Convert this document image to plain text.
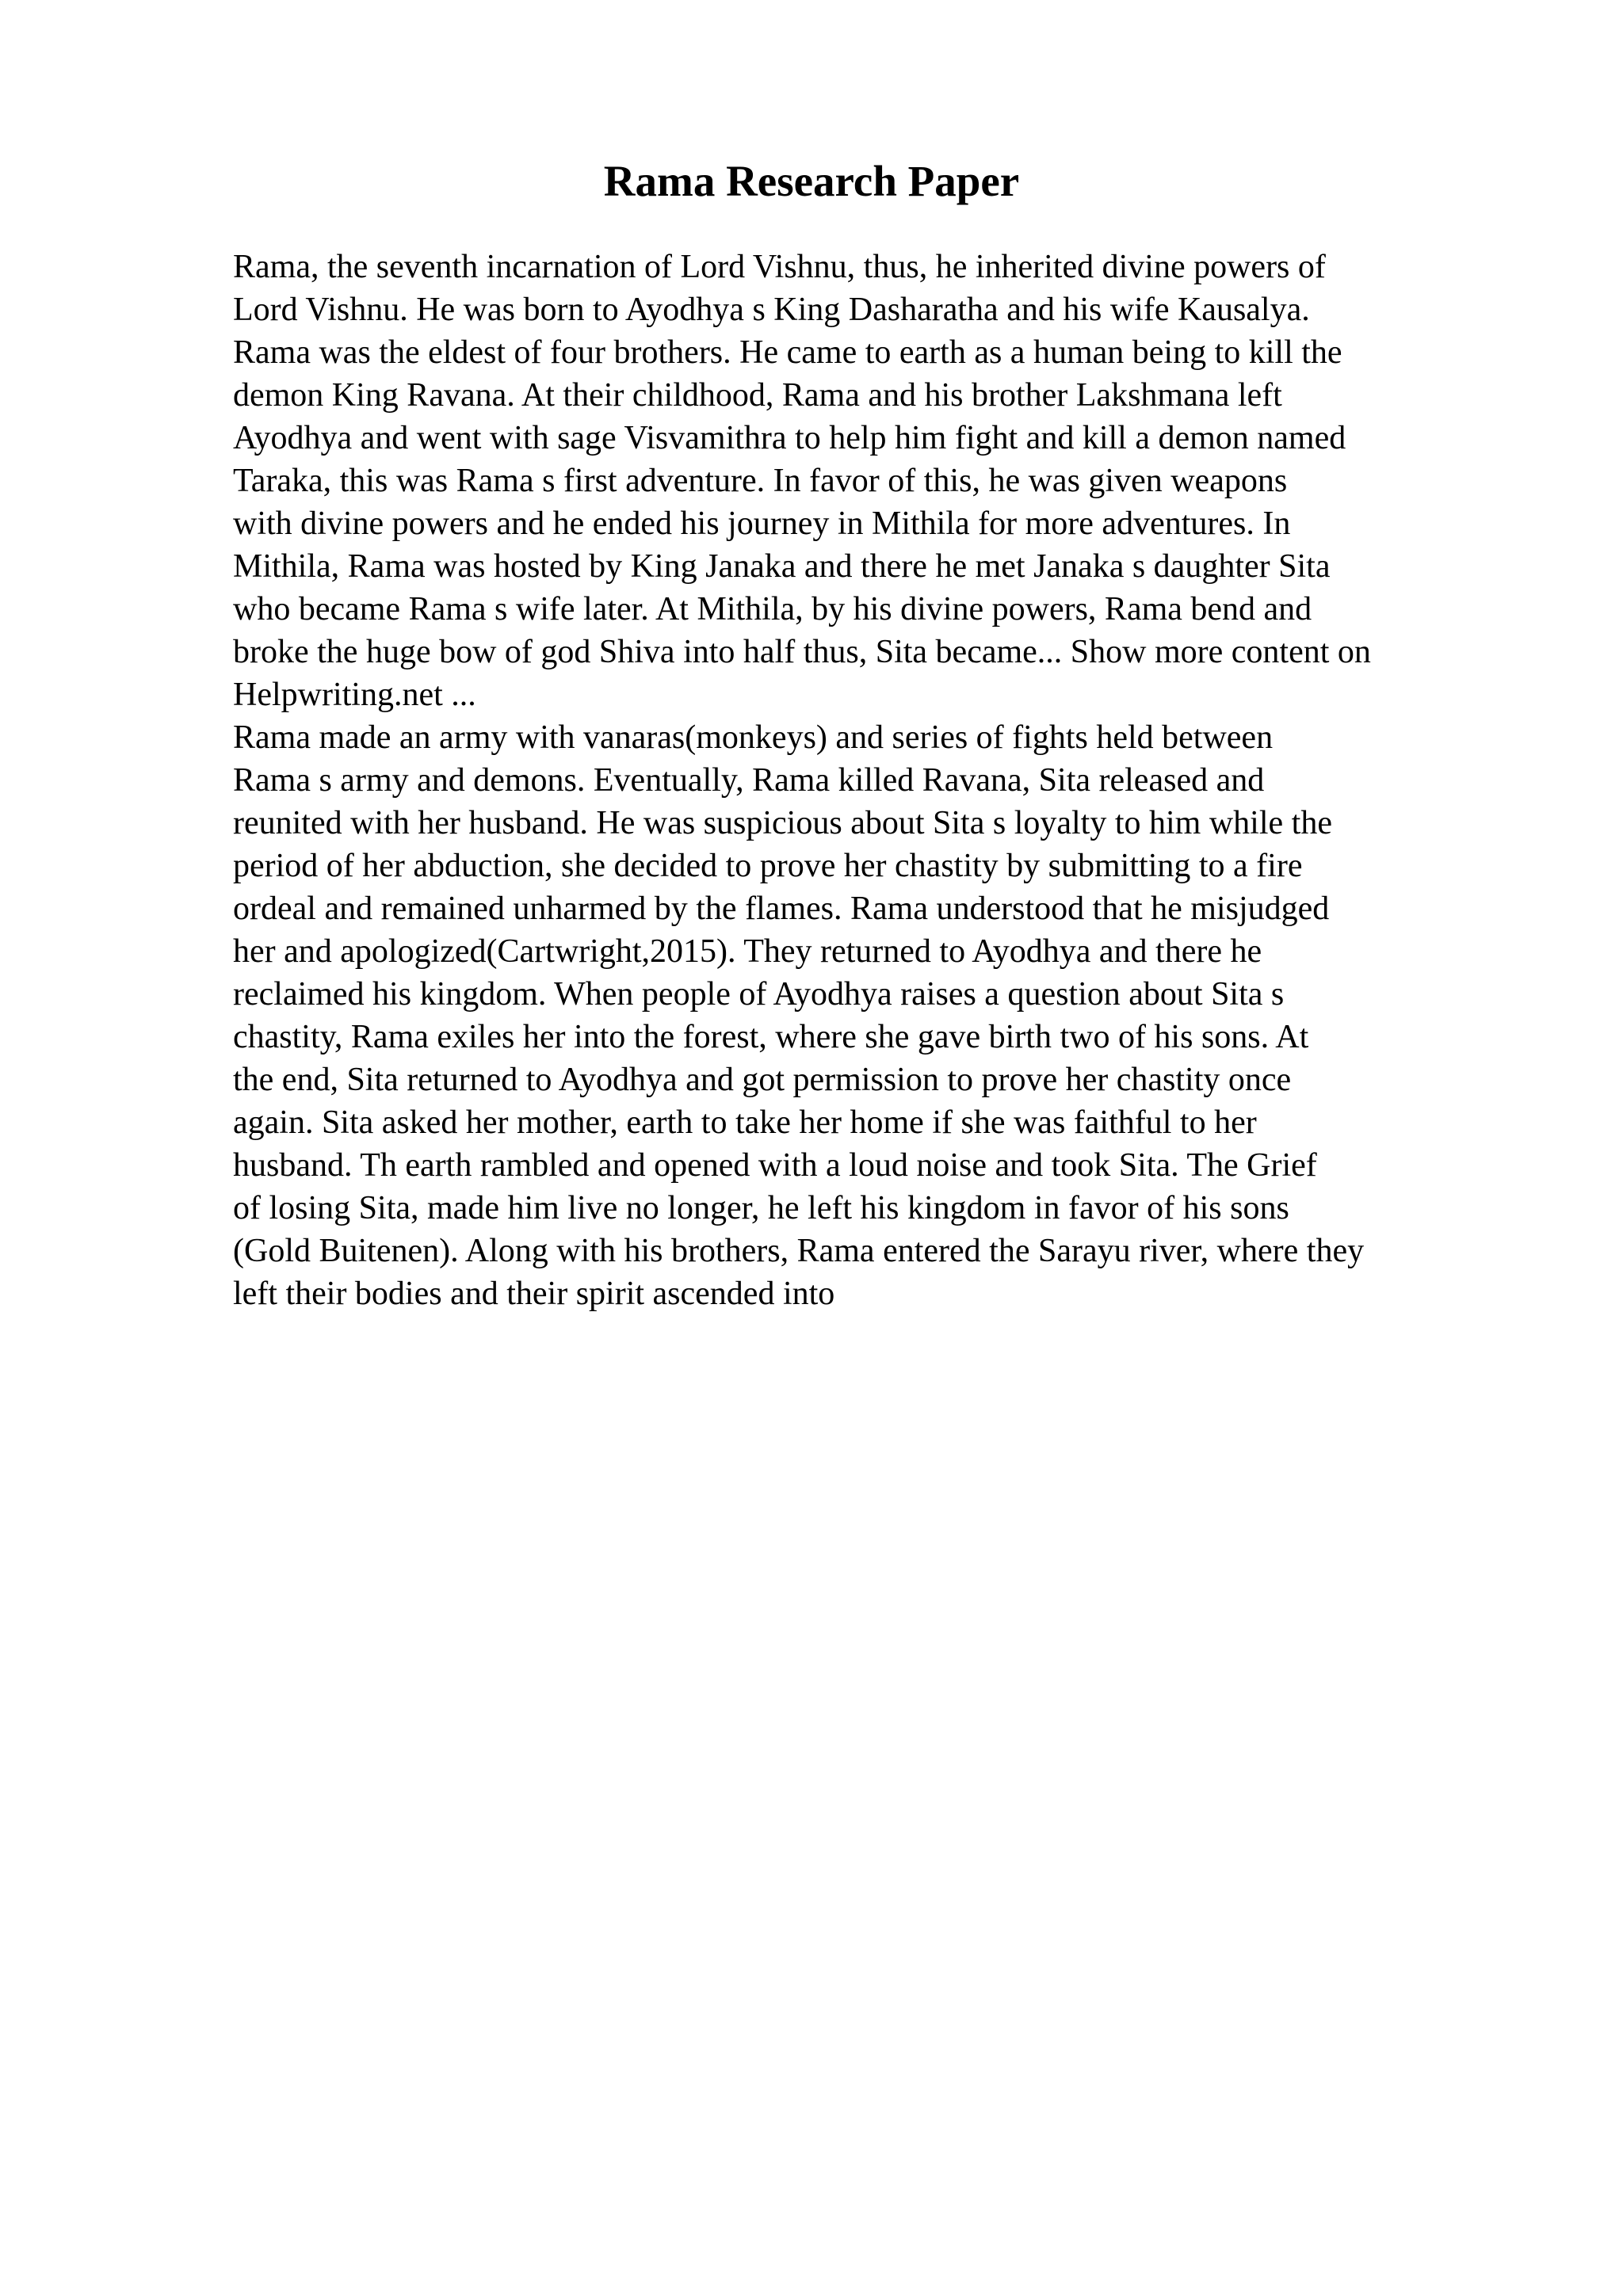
Rama Research Paper
Rama, the seventh incarnation of Lord Vishnu, thus, he inherited divine powers of
Lord Vishnu. He was born to Ayodhya s King Dasharatha and his wife Kausalya.
Rama was the eldest of four brothers. He came to earth as a human being to kill the
demon King Ravana. At their childhood, Rama and his brother Lakshmana left
Ayodhya and went with sage Visvamithra to help him fight and kill a demon named
Taraka, this was Rama s first adventure. In favor of this, he was given weapons
with divine powers and he ended his journey in Mithila for more adventures. In
Mithila, Rama was hosted by King Janaka and there he met Janaka s daughter Sita
who became Rama s wife later. At Mithila, by his divine powers, Rama bend and
broke the huge bow of god Shiva into half thus, Sita became... Show more content on
Helpwriting.net ...
Rama made an army with vanaras(monkeys) and series of fights held between
Rama s army and demons. Eventually, Rama killed Ravana, Sita released and
reunited with her husband. He was suspicious about Sita s loyalty to him while the
period of her abduction, she decided to prove her chastity by submitting to a fire
ordeal and remained unharmed by the flames. Rama understood that he misjudged
her and apologized(Cartwright,2015). They returned to Ayodhya and there he
reclaimed his kingdom. When people of Ayodhya raises a question about Sita s
chastity, Rama exiles her into the forest, where she gave birth two of his sons. At
the end, Sita returned to Ayodhya and got permission to prove her chastity once
again. Sita asked her mother, earth to take her home if she was faithful to her
husband. Th earth rambled and opened with a loud noise and took Sita. The Grief
of losing Sita, made him live no longer, he left his kingdom in favor of his sons
(Gold Buitenen). Along with his brothers, Rama entered the Sarayu river, where they
left their bodies and their spirit ascended into
